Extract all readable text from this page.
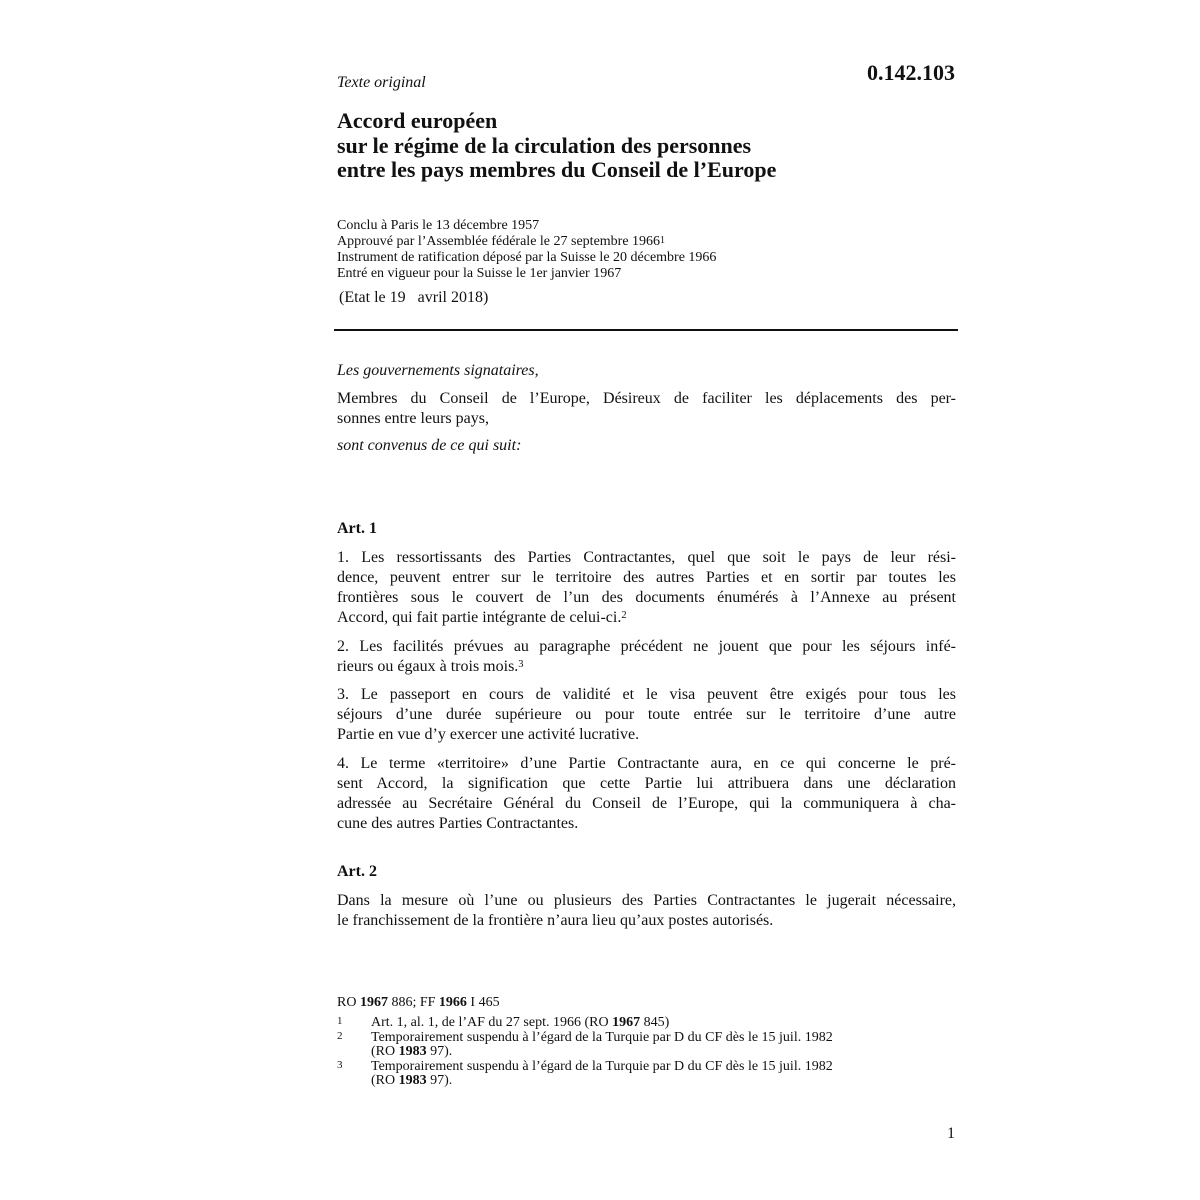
0.142.103
Texte original
Accord européen
sur le régime de la circulation des personnes
entre les pays membres du Conseil de l’Europe
Conclu à Paris le 13 décembre 1957
Approuvé par l’Assemblée fédérale le 27 septembre 1966$^1$
Instrument de ratification déposé par la Suisse le 20 décembre 1966
Entré en vigueur pour la Suisse le 1er janvier 1967
(Etat le 19   avril 2018)
Les gouvernements signataires,
Membres du Conseil de l’Europe, Désireux de faciliter les déplacements des per-
sonnes entre leurs pays,
sont convenus de ce qui suit:
Art. 1
1. Les ressortissants des Parties Contractantes, quel que soit le pays de leur rési-
dence, peuvent entrer sur le territoire des autres Parties et en sortir par toutes les
frontières sous le couvert de l’un des documents énumérés à l’Annexe au présent
Accord, qui fait partie intégrante de celui-ci.$^2$
2. Les facilités prévues au paragraphe précédent ne jouent que pour les séjours infé-
rieurs ou égaux à trois mois.$^3$
3. Le passeport en cours de validité et le visa peuvent être exigés pour tous les
séjours d’une durée supérieure ou pour toute entrée sur le territoire d’une autre
Partie en vue d’y exercer une activité lucrative.
4. Le terme «territoire» d’une Partie Contractante aura, en ce qui concerne le pré-
sent Accord, la signification que cette Partie lui attribuera dans une déclaration
adressée au Secrétaire Général du Conseil de l’Europe, qui la communiquera à cha-
cune des autres Parties Contractantes.
Art. 2
Dans la mesure où l’une ou plusieurs des Parties Contractantes le jugerait nécessaire,
le franchissement de la frontière n’aura lieu qu’aux postes autorisés.
RO 1967 886; FF 1966 I 465
1 Art. 1, al. 1, de l’AF du 27 sept. 1966 (RO 1967 845)
2 Temporairement suspendu à l’égard de la Turquie par D du CF dès le 15 juil. 1982
(RO 1983 97).
3 Temporairement suspendu à l’égard de la Turquie par D du CF dès le 15 juil. 1982
(RO 1983 97).
1
